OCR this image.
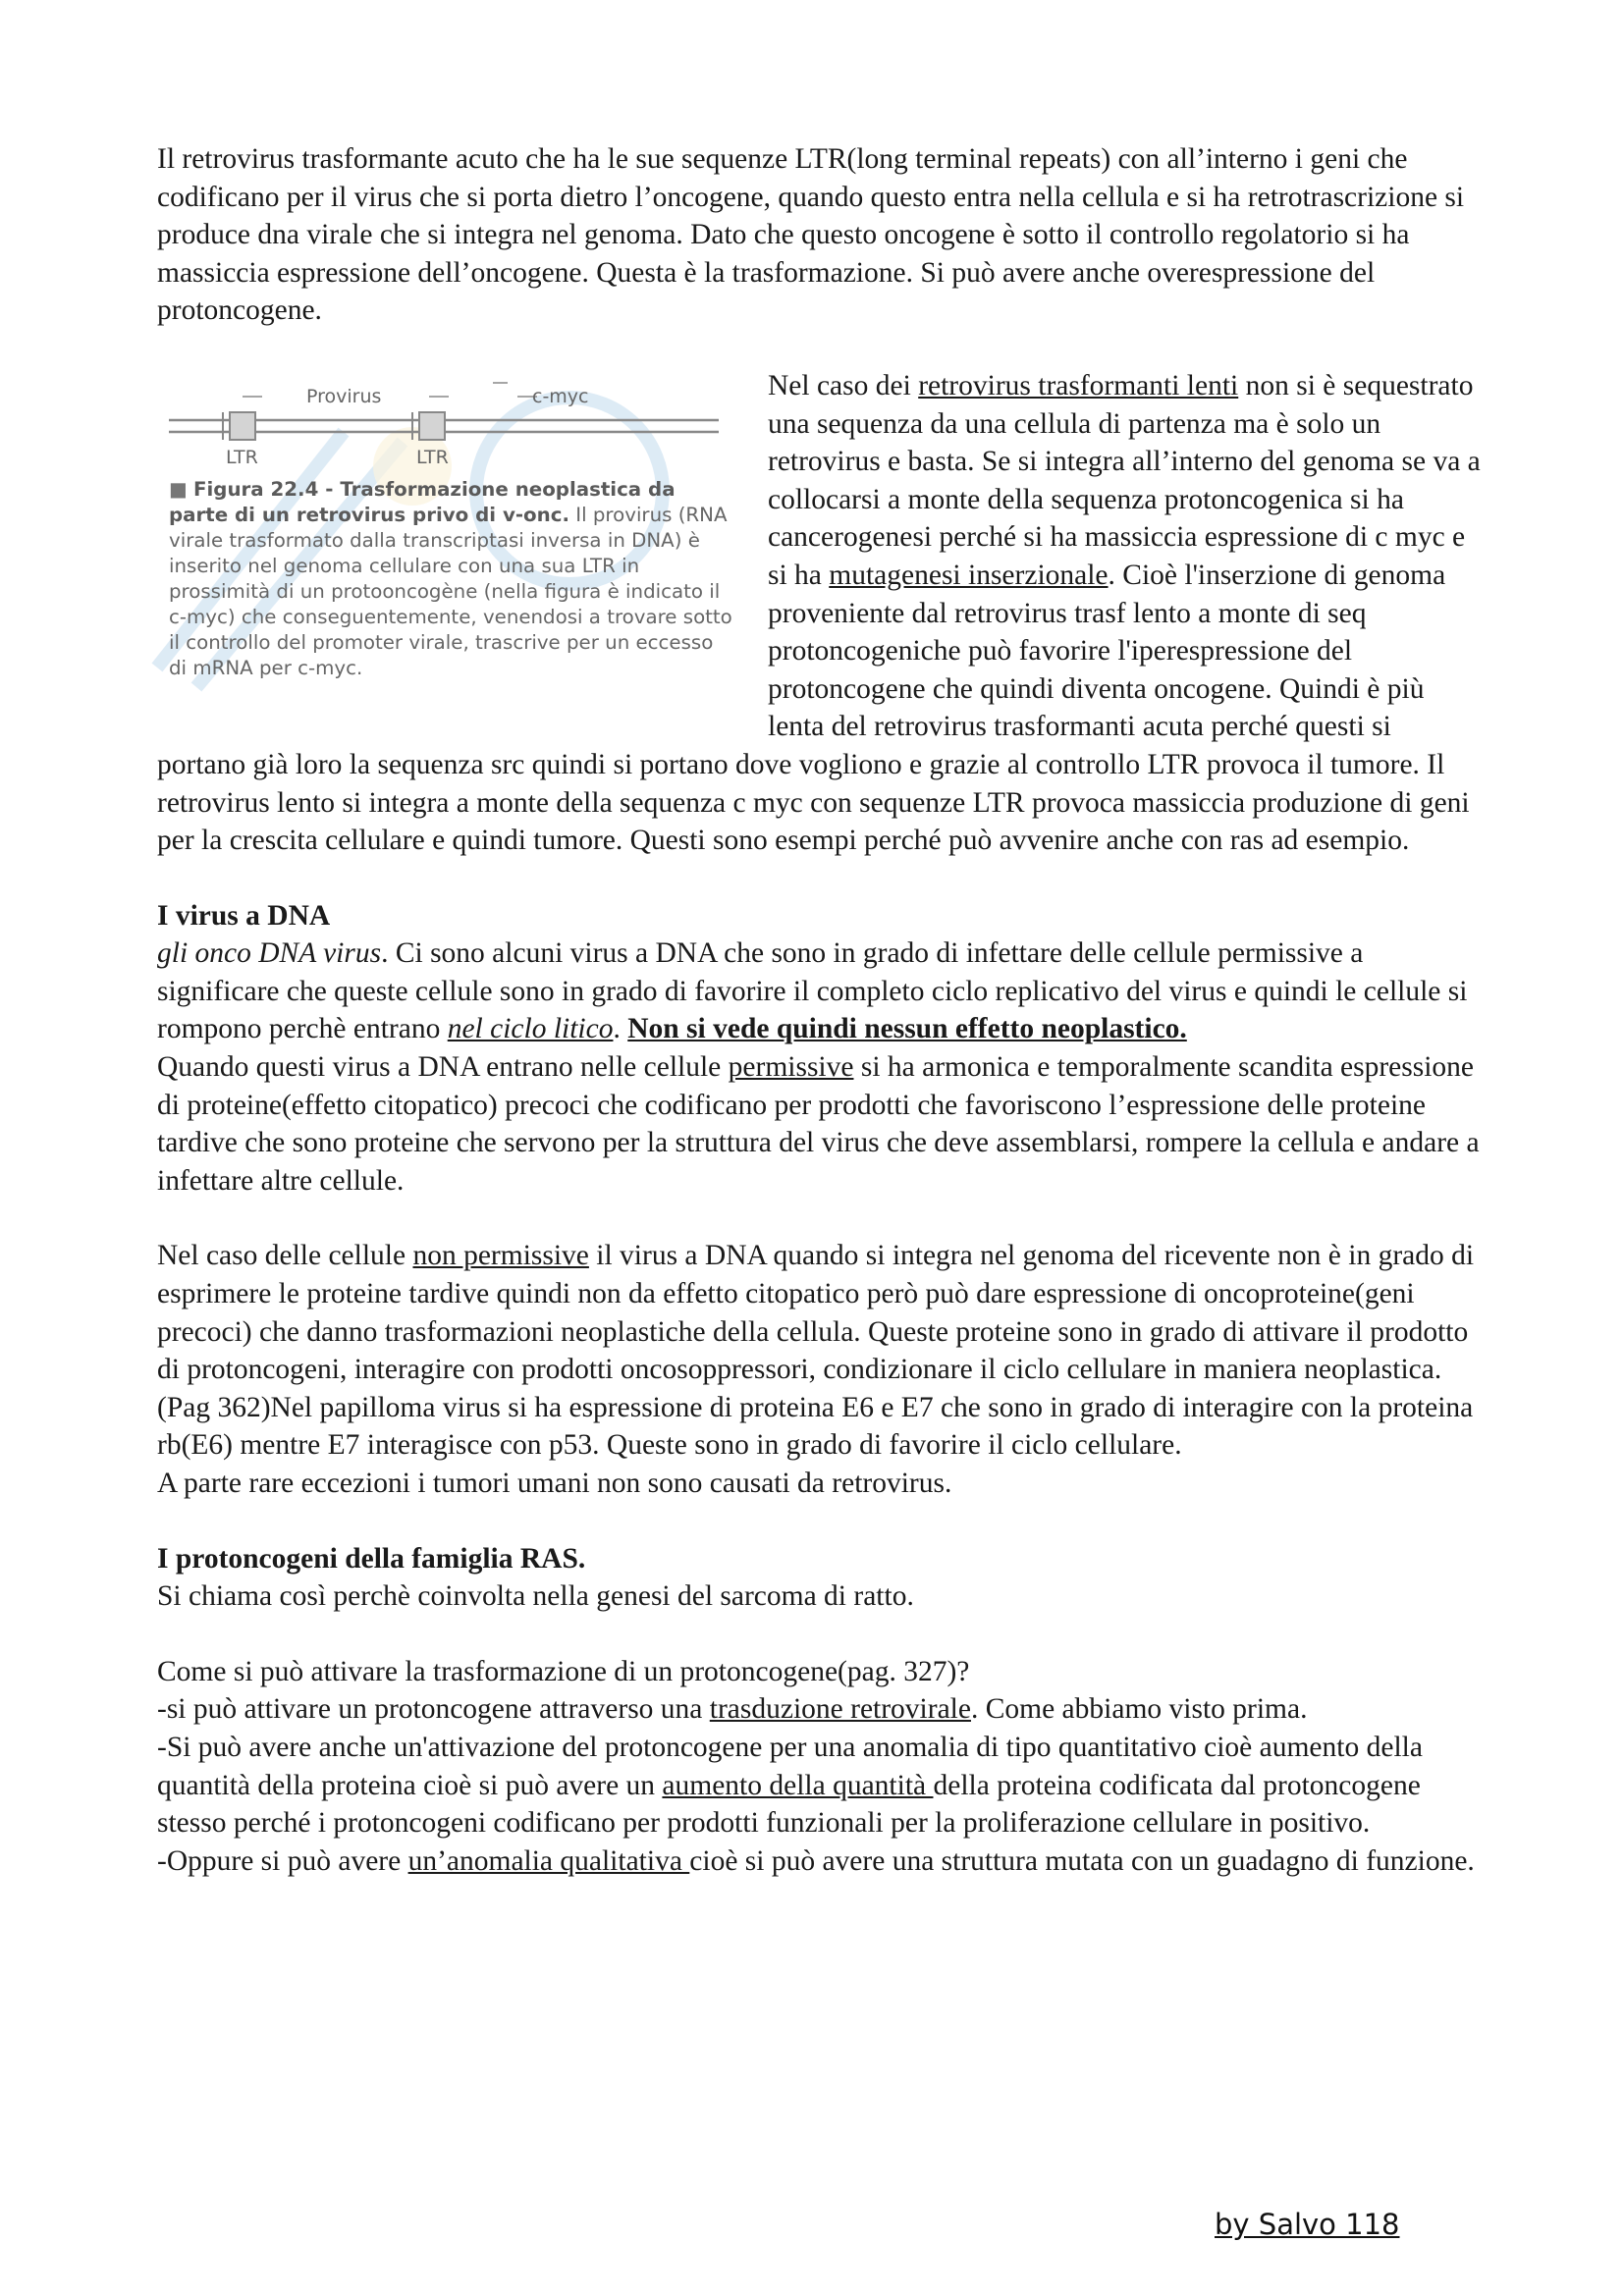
Il retrovirus trasformante acuto che ha le sue sequenze LTR(long terminal repeats) con all’interno i geni che codificano per il virus che si porta dietro l’oncogene, quando questo entra nella cellula e si ha retrotrascrizione si produce dna virale che si integra nel genoma. Dato che questo oncogene è sotto il controllo regolatorio si ha massiccia espressione dell’oncogene. Questa è la trasformazione. Si può avere anche overespressione del protoncogene.

Provirus	c-myc
LTR	LTR
■ Figura 22.4 - Trasformazione neoplastica da parte di un retrovirus privo di v-onc. Il provirus (RNA virale trasformato dalla transcriptasi inversa in DNA) è inserito nel genoma cellulare con una sua LTR in prossimità di un protooncogène (nella figura è indicato il c-myc) che conseguentemente, venendosi a trovare sotto il controllo del promoter virale, trascrive per un eccesso di mRNA per c-myc.

Nel caso dei retrovirus trasformanti lenti non si è sequestrato una sequenza da una cellula di partenza ma è solo un retrovirus e basta. Se si integra all’interno del genoma se va a collocarsi a monte della sequenza protoncogenica si ha cancerogenesi perché si ha massiccia espressione di c myc e si ha mutagenesi inserzionale. Cioè l'inserzione di genoma proveniente dal retrovirus trasf lento a monte di seq protoncogeniche può favorire l'iperespressione del protoncogene che quindi diventa oncogene. Quindi è più lenta del retrovirus trasformanti acuta perché questi si portano già loro la sequenza src quindi si portano dove vogliono e grazie al controllo LTR provoca il tumore. Il retrovirus lento si integra a monte della sequenza c myc con sequenze LTR provoca massiccia produzione di geni per la crescita cellulare e quindi tumore. Questi sono esempi perché può avvenire anche con ras ad esempio.

I virus a DNA

gli onco DNA virus. Ci sono alcuni virus a DNA che sono in grado di infettare delle cellule permissive a significare che queste cellule sono in grado di favorire il completo ciclo replicativo del virus e quindi le cellule si rompono perchè entrano nel ciclo litico. Non si vede quindi nessun effetto neoplastico.

Quando questi virus a DNA entrano nelle cellule permissive si ha armonica e temporalmente scandita espressione di proteine(effetto citopatico) precoci che codificano per prodotti che favoriscono l’espressione delle proteine tardive che sono proteine che servono per la struttura del virus che deve assemblarsi, rompere la cellula e andare a infettare altre cellule.

Nel caso delle cellule non permissive il virus a DNA quando si integra nel genoma del ricevente non è in grado di esprimere le proteine tardive quindi non da effetto citopatico però può dare espressione di oncoproteine(geni precoci) che danno trasformazioni neoplastiche della cellula. Queste proteine sono in grado di attivare il prodotto di protoncogeni, interagire con prodotti oncosoppressori, condizionare il ciclo cellulare in maniera neoplastica.

(Pag 362)Nel papilloma virus si ha espressione di proteina E6 e E7 che sono in grado di interagire con la proteina rb(E6) mentre E7 interagisce con p53. Queste sono in grado di favorire il ciclo cellulare.

A parte rare eccezioni i tumori umani non sono causati da retrovirus.

I protoncogeni della famiglia RAS.

Si chiama così perchè coinvolta nella genesi del sarcoma di ratto.

Come si può attivare la trasformazione di un protoncogene(pag. 327)?

-si può attivare un protoncogene attraverso una trasduzione retrovirale. Come abbiamo visto prima.

-Si può avere anche un'attivazione del protoncogene per una anomalia di tipo quantitativo cioè aumento della quantità della proteina cioè si può avere un aumento della quantità della proteina codificata dal protoncogene stesso perché i protoncogeni codificano per prodotti funzionali per la proliferazione cellulare in positivo.

-Oppure si può avere un’anomalia qualitativa cioè si può avere una struttura mutata con un guadagno di funzione.

by Salvo 118
